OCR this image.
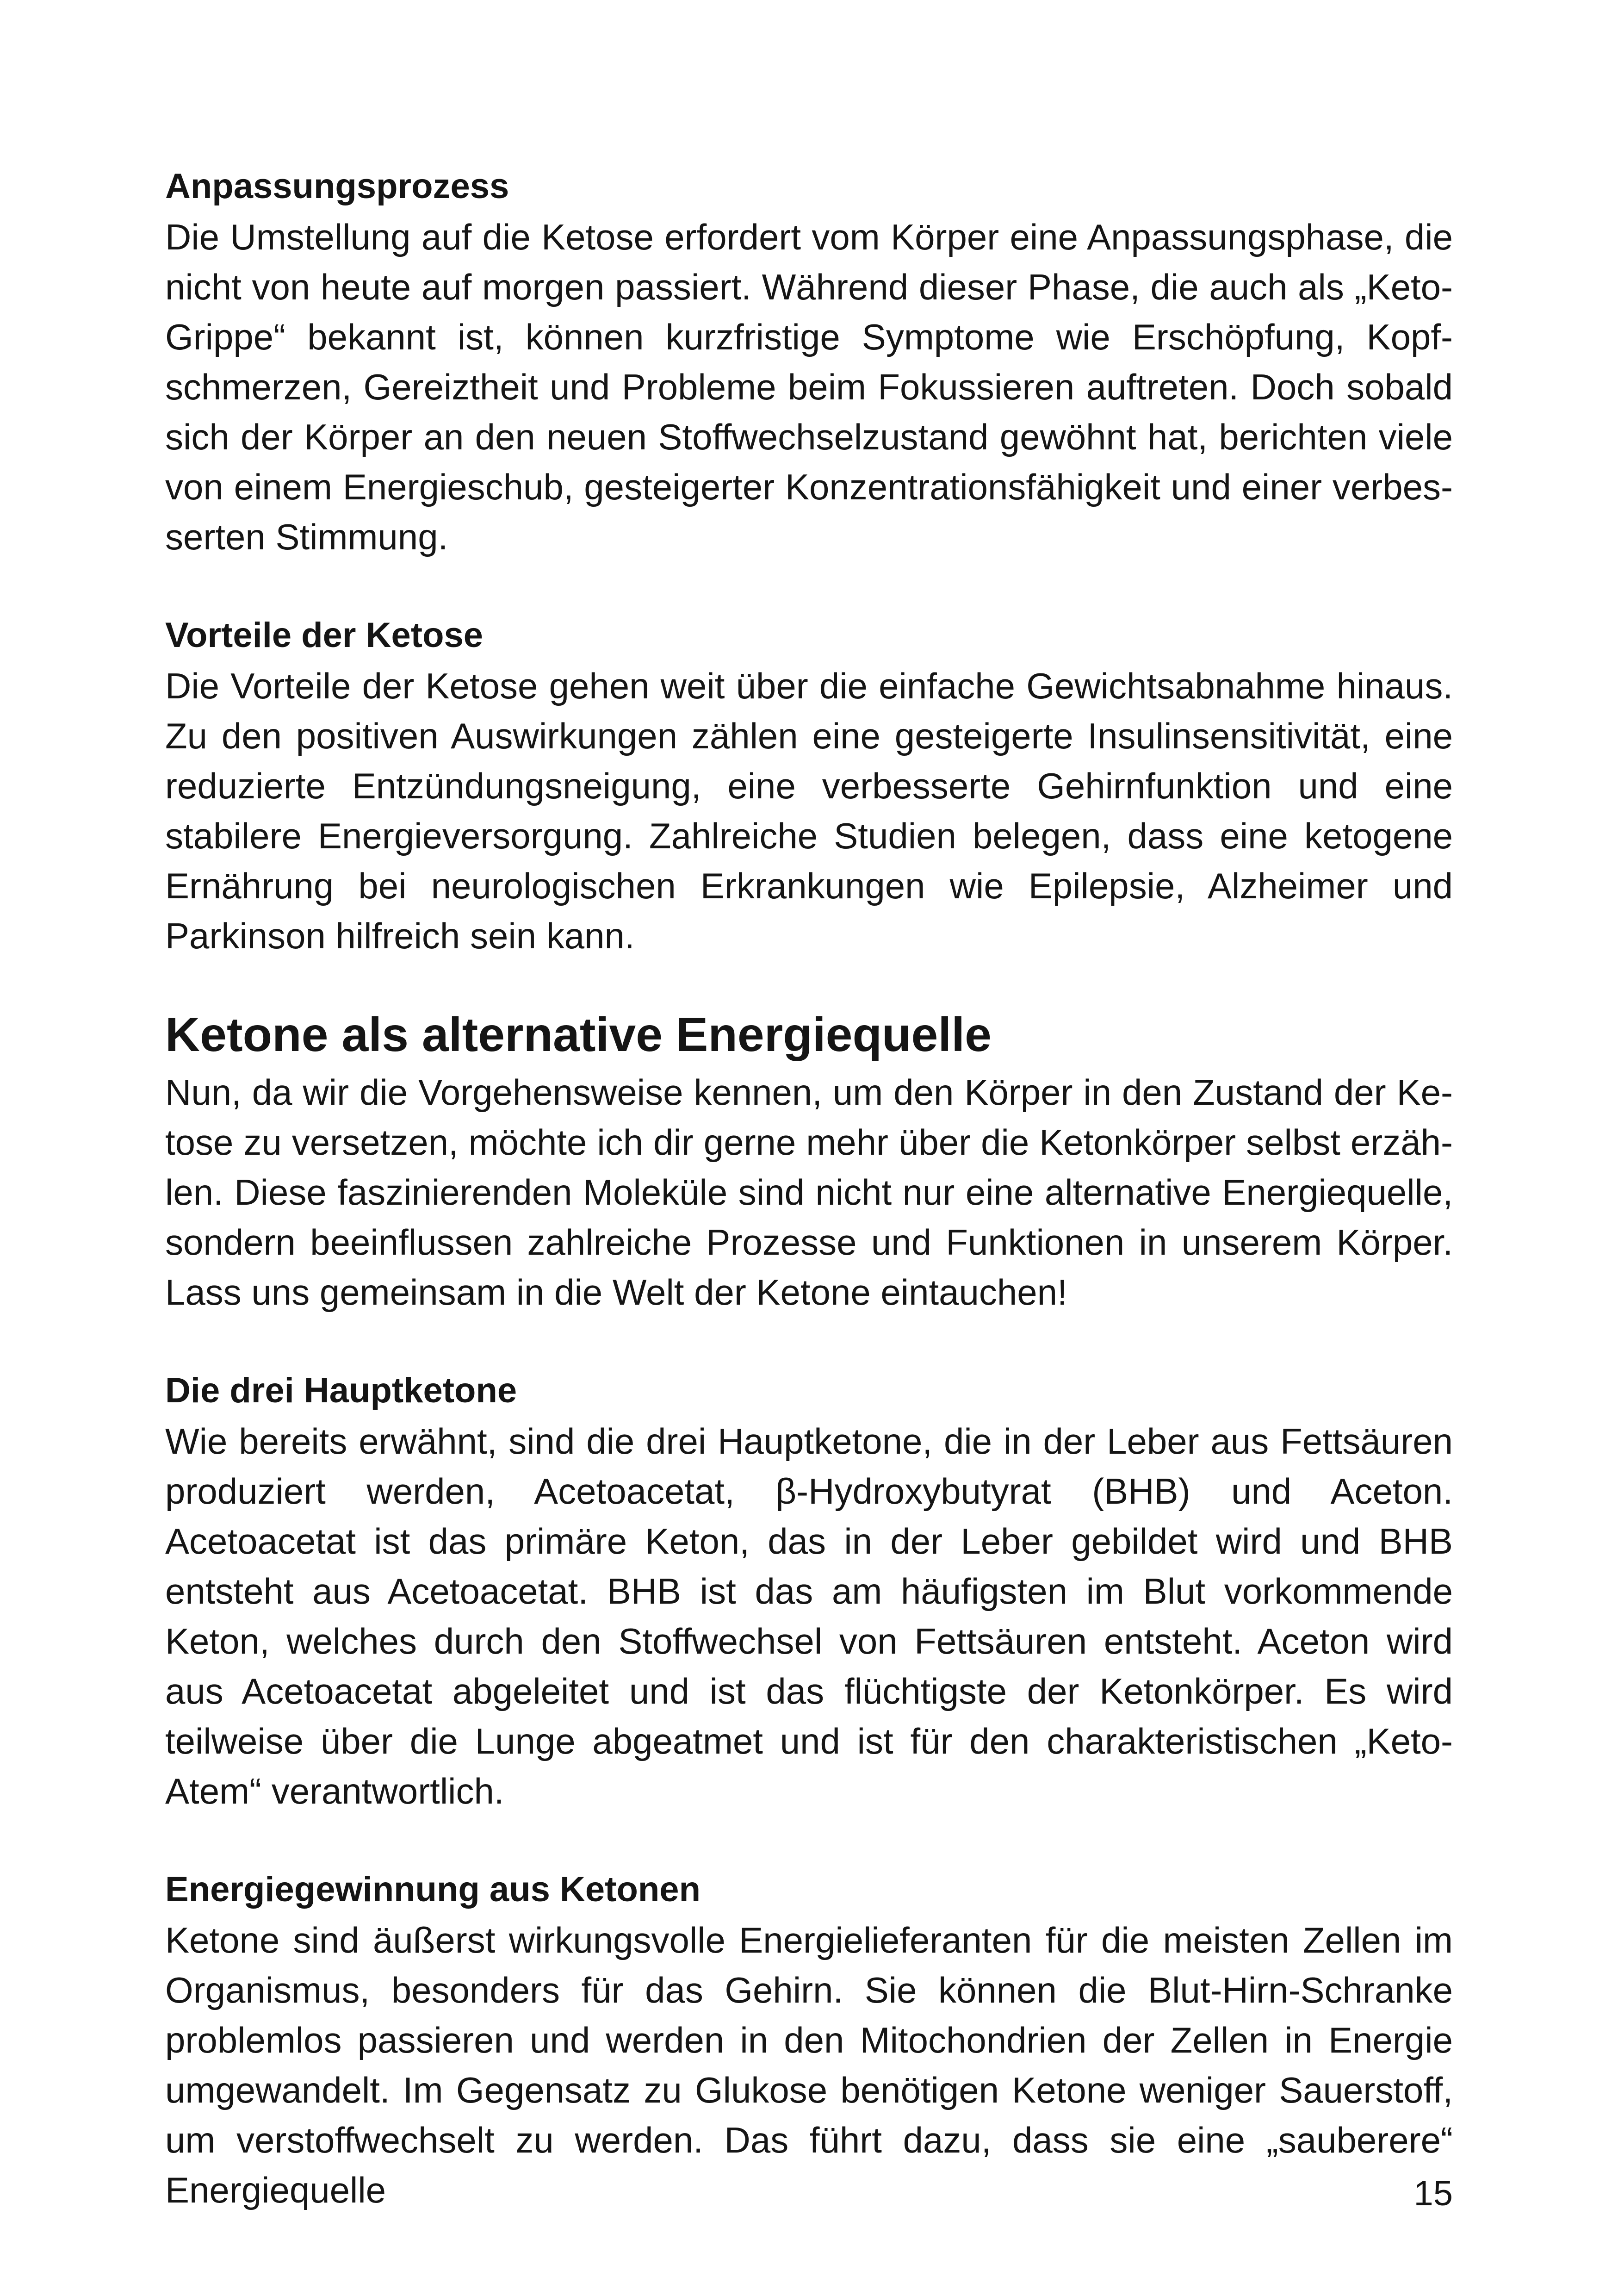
Anpassungsprozess

Die Umstellung auf die Ketose erfordert vom Körper eine Anpassungsphase, die nicht von heute auf morgen passiert. Während dieser Phase, die auch als „Keto-Grippe“ bekannt ist, können kurzfristige Symptome wie Erschöpfung, Kopfschmerzen, Gereiztheit und Probleme beim Fokussieren auftreten. Doch sobald sich der Körper an den neuen Stoffwechselzustand gewöhnt hat, berichten viele von einem Energieschub, gesteigerter Konzentrationsfähigkeit und einer verbesserten Stimmung.

Vorteile der Ketose

Die Vorteile der Ketose gehen weit über die einfache Gewichtsabnahme hinaus. Zu den positiven Auswirkungen zählen eine gesteigerte Insulinsensitivität, eine reduzierte Entzündungsneigung, eine verbesserte Gehirnfunktion und eine stabilere Energieversorgung. Zahlreiche Studien belegen, dass eine ketogene Ernährung bei neurologischen Erkrankungen wie Epilepsie, Alzheimer und Parkinson hilfreich sein kann.

Ketone als alternative Energiequelle

Nun, da wir die Vorgehensweise kennen, um den Körper in den Zustand der Ketose zu versetzen, möchte ich dir gerne mehr über die Ketonkörper selbst erzählen. Diese faszinierenden Moleküle sind nicht nur eine alternative Energiequelle, sondern beeinflussen zahlreiche Prozesse und Funktionen in unserem Körper. Lass uns gemeinsam in die Welt der Ketone eintauchen!

Die drei Hauptketone

Wie bereits erwähnt, sind die drei Hauptketone, die in der Leber aus Fettsäuren produziert werden, Acetoacetat, β-Hydroxybutyrat (BHB) und Aceton. Acetoacetat ist das primäre Keton, das in der Leber gebildet wird und BHB entsteht aus Acetoacetat. BHB ist das am häufigsten im Blut vorkommende Keton, welches durch den Stoffwechsel von Fettsäuren entsteht. Aceton wird aus Acetoacetat abgeleitet und ist das flüchtigste der Ketonkörper. Es wird teilweise über die Lunge abgeatmet und ist für den charakteristischen „Keto-Atem“ verantwortlich.

Energiegewinnung aus Ketonen

Ketone sind äußerst wirkungsvolle Energielieferanten für die meisten Zellen im Organismus, besonders für das Gehirn. Sie können die Blut-Hirn-Schranke problemlos passieren und werden in den Mitochondrien der Zellen in Energie umgewandelt. Im Gegensatz zu Glukose benötigen Ketone weniger Sauerstoff, um verstoffwechselt zu werden. Das führt dazu, dass sie eine „sauberere“ Energiequelle	15
